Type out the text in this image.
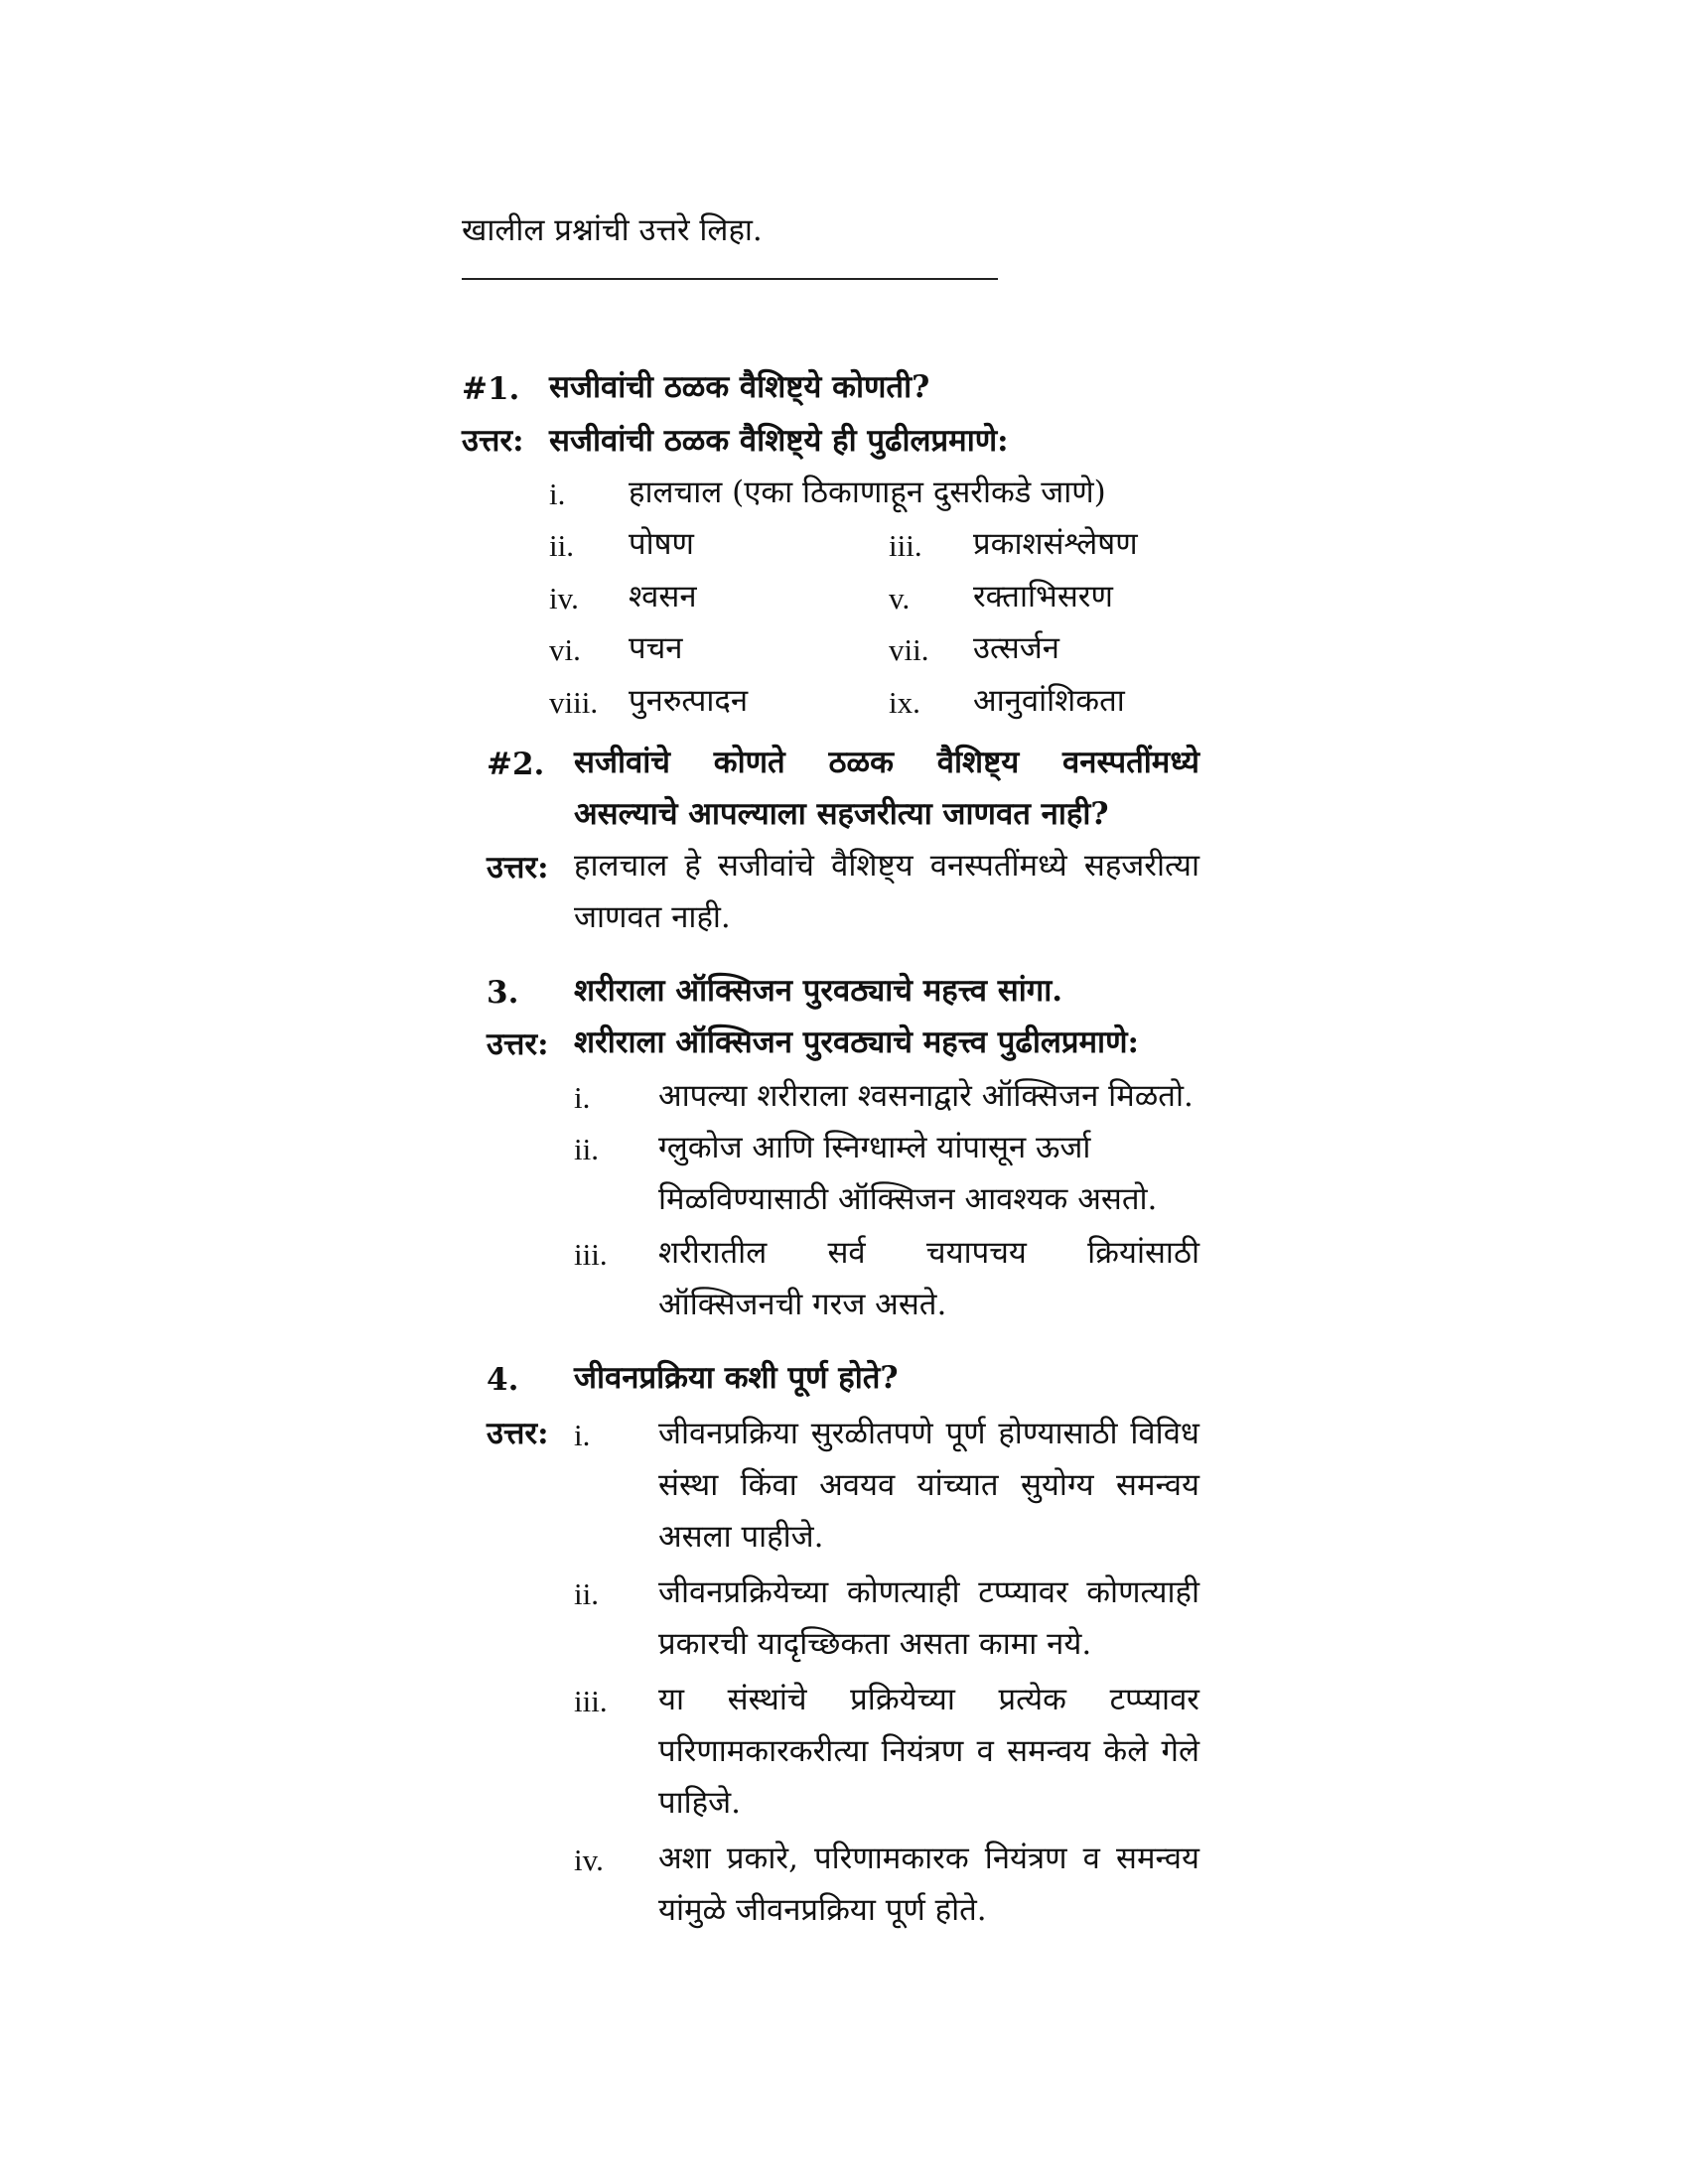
खालील प्रश्नांची उत्तरे लिहा.
#1. सजीवांची ठळक वैशिष्ट्ये कोणती?
उत्तर: सजीवांची ठळक वैशिष्ट्ये ही पुढीलप्रमाणे:
i. हालचाल (एका ठिकाणाहून दुसरीकडे जाणे)
ii. पोषण	iii. प्रकाशसंश्लेषण
iv. श्वसन	v. रक्ताभिसरण
vi. पचन	vii. उत्सर्जन
viii. पुनरुत्पादन	ix. आनुवांशिकता
#2. सजीवांचे कोणते ठळक वैशिष्ट्य वनस्पतींमध्ये
असल्याचे आपल्याला सहजरीत्या जाणवत नाही?
उत्तर: हालचाल हे सजीवांचे वैशिष्ट्य वनस्पतींमध्ये सहजरीत्या
जाणवत नाही.
3. शरीराला ऑक्सिजन पुरवठ्याचे महत्त्व सांगा.
उत्तर: शरीराला ऑक्सिजन पुरवठ्याचे महत्त्व पुढीलप्रमाणे:
i. आपल्या शरीराला श्वसनाद्वारे ऑक्सिजन मिळतो.
ii. ग्लुकोज आणि स्निग्धाम्ले यांपासून ऊर्जा
मिळविण्यासाठी ऑक्सिजन आवश्यक असतो.
iii. शरीरातील सर्व चयापचय क्रियांसाठी
ऑक्सिजनची गरज असते.
4. जीवनप्रक्रिया कशी पूर्ण होते?
उत्तर: i. जीवनप्रक्रिया सुरळीतपणे पूर्ण होण्यासाठी विविध
संस्था किंवा अवयव यांच्यात सुयोग्य समन्वय
असला पाहीजे.
ii. जीवनप्रक्रियेच्या कोणत्याही टप्प्यावर कोणत्याही
प्रकारची यादृच्छिकता असता कामा नये.
iii. या संस्थांचे प्रक्रियेच्या प्रत्येक टप्प्यावर
परिणामकारकरीत्या नियंत्रण व समन्वय केले गेले
पाहिजे.
iv. अशा प्रकारे, परिणामकारक नियंत्रण व समन्वय
यांमुळे जीवनप्रक्रिया पूर्ण होते.
